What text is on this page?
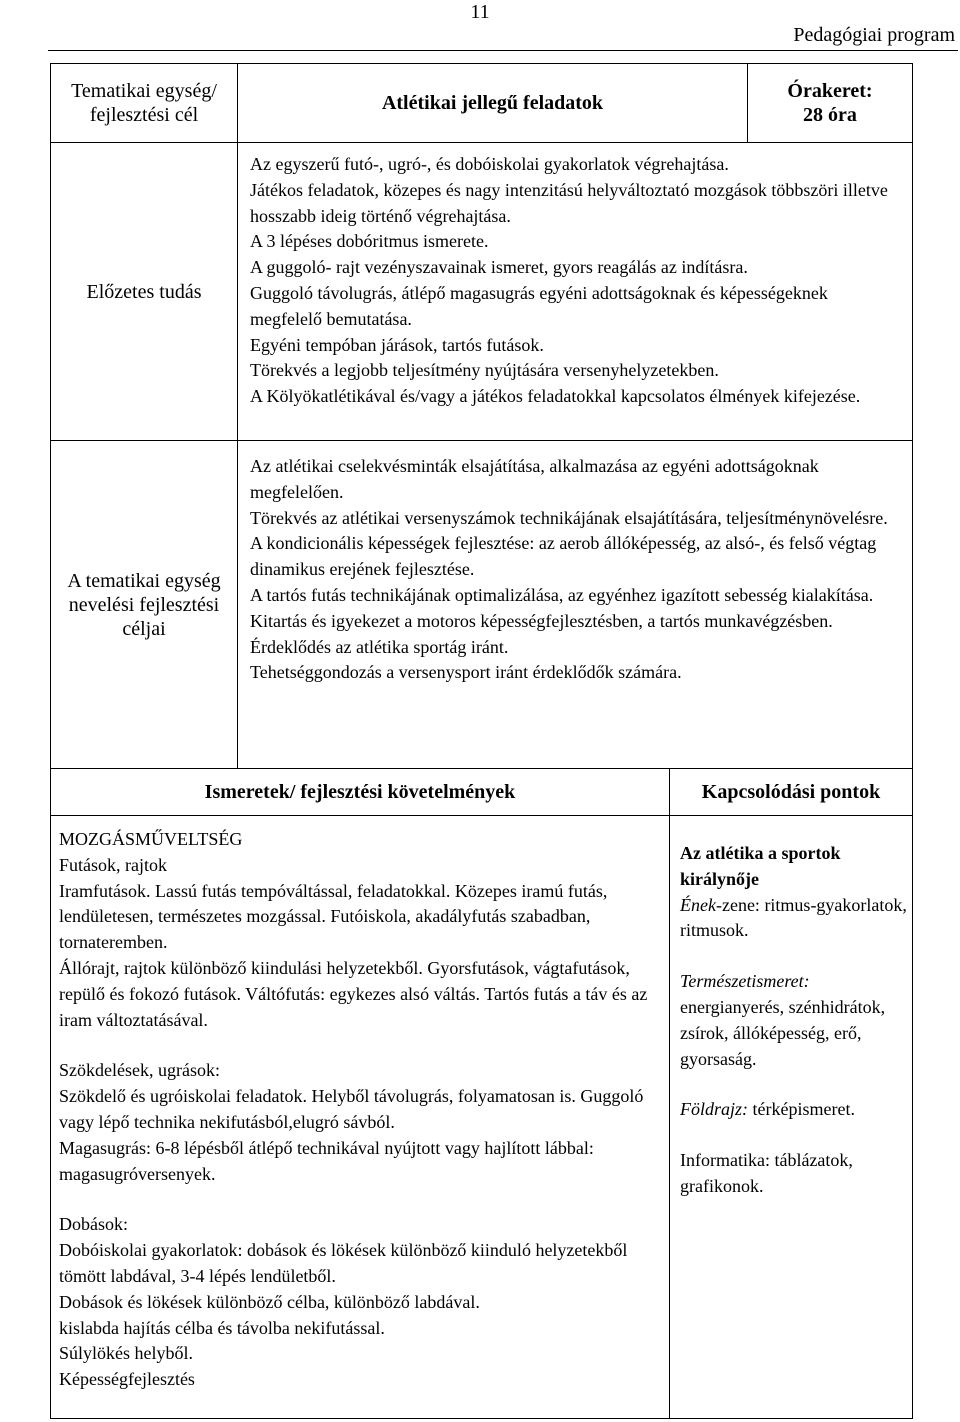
11
Pedagógiai program
Tematikai egység/ fejlesztési cél
Atlétikai jellegű feladatok
Órakeret:
28 óra
Előzetes tudás
Az egyszerű futó-, ugró-, és dobóiskolai gyakorlatok végrehajtása.
Játékos feladatok, közepes és nagy intenzitású helyváltoztató mozgások többszöri illetve hosszabb ideig történő végrehajtása.
A 3 lépéses dobóritmus ismerete.
A guggoló- rajt vezényszavainak ismeret, gyors reagálás az indításra.
Guggoló távolugrás, átlépő magasugrás egyéni adottságoknak és képességeknek megfelelő bemutatása.
Egyéni tempóban járások, tartós futások.
Törekvés a legjobb teljesítmény nyújtására versenyhelyzetekben.
A Kölyökatlétikával és/vagy a játékos feladatokkal kapcsolatos élmények kifejezése.
A tematikai egység nevelési fejlesztési céljai
Az atlétikai cselekvésminták elsajátítása, alkalmazása az egyéni adottságoknak megfelelően.
Törekvés az atlétikai versenyszámok technikájának elsajátítására, teljesítménynövelésre.
A kondicionális képességek fejlesztése: az aerob állóképesség, az alsó-, és felső végtag dinamikus erejének fejlesztése.
A tartós futás technikájának optimalizálása, az egyénhez igazított sebesség kialakítása.
Kitartás és igyekezet a motoros képességfejlesztésben, a tartós munkavégzésben.
Érdeklődés az atlétika sportág iránt.
Tehetséggondozás a versenysport iránt érdeklődők számára.
Ismeretek/ fejlesztési követelmények	Kapcsolódási pontok
MOZGÁSMŰVELTSÉG
Futások, rajtok
Iramfutások. Lassú futás tempóváltással, feladatokkal. Közepes iramú futás, lendületesen, természetes mozgással. Futóiskola, akadályfutás szabadban, tornateremben.
Állórajt, rajtok különböző kiindulási helyzetekből. Gyorsfutások, vágtafutások, repülő és fokozó futások. Váltófutás: egykezes alsó váltás. Tartós futás a táv és az iram változtatásával.
Szökdelések, ugrások:
Szökdelő és ugróiskolai feladatok. Helyből távolugrás, folyamatosan is. Guggoló vagy lépő technika nekifutásból,elugró sávból.
Magasugrás: 6-8 lépésből átlépő technikával nyújtott vagy hajlított lábbal: magasugróversenyek.
Dobások:
Dobóiskolai gyakorlatok: dobások és lökések különböző kiinduló helyzetekből tömött labdával, 3-4 lépés lendületből.
Dobások és lökések különböző célba, különböző labdával.
kislabda hajítás célba és távolba nekifutással.
Súlylökés helyből.
Képességfejlesztés
Az atlétika a sportok királynője
Ének-zene: ritmus-gyakorlatok, ritmusok.
Természetismeret:
energianyerés, szénhidrátok, zsírok, állóképesség, erő, gyorsaság.
Földrajz: térképismeret.
Informatika: táblázatok, grafikonok.
